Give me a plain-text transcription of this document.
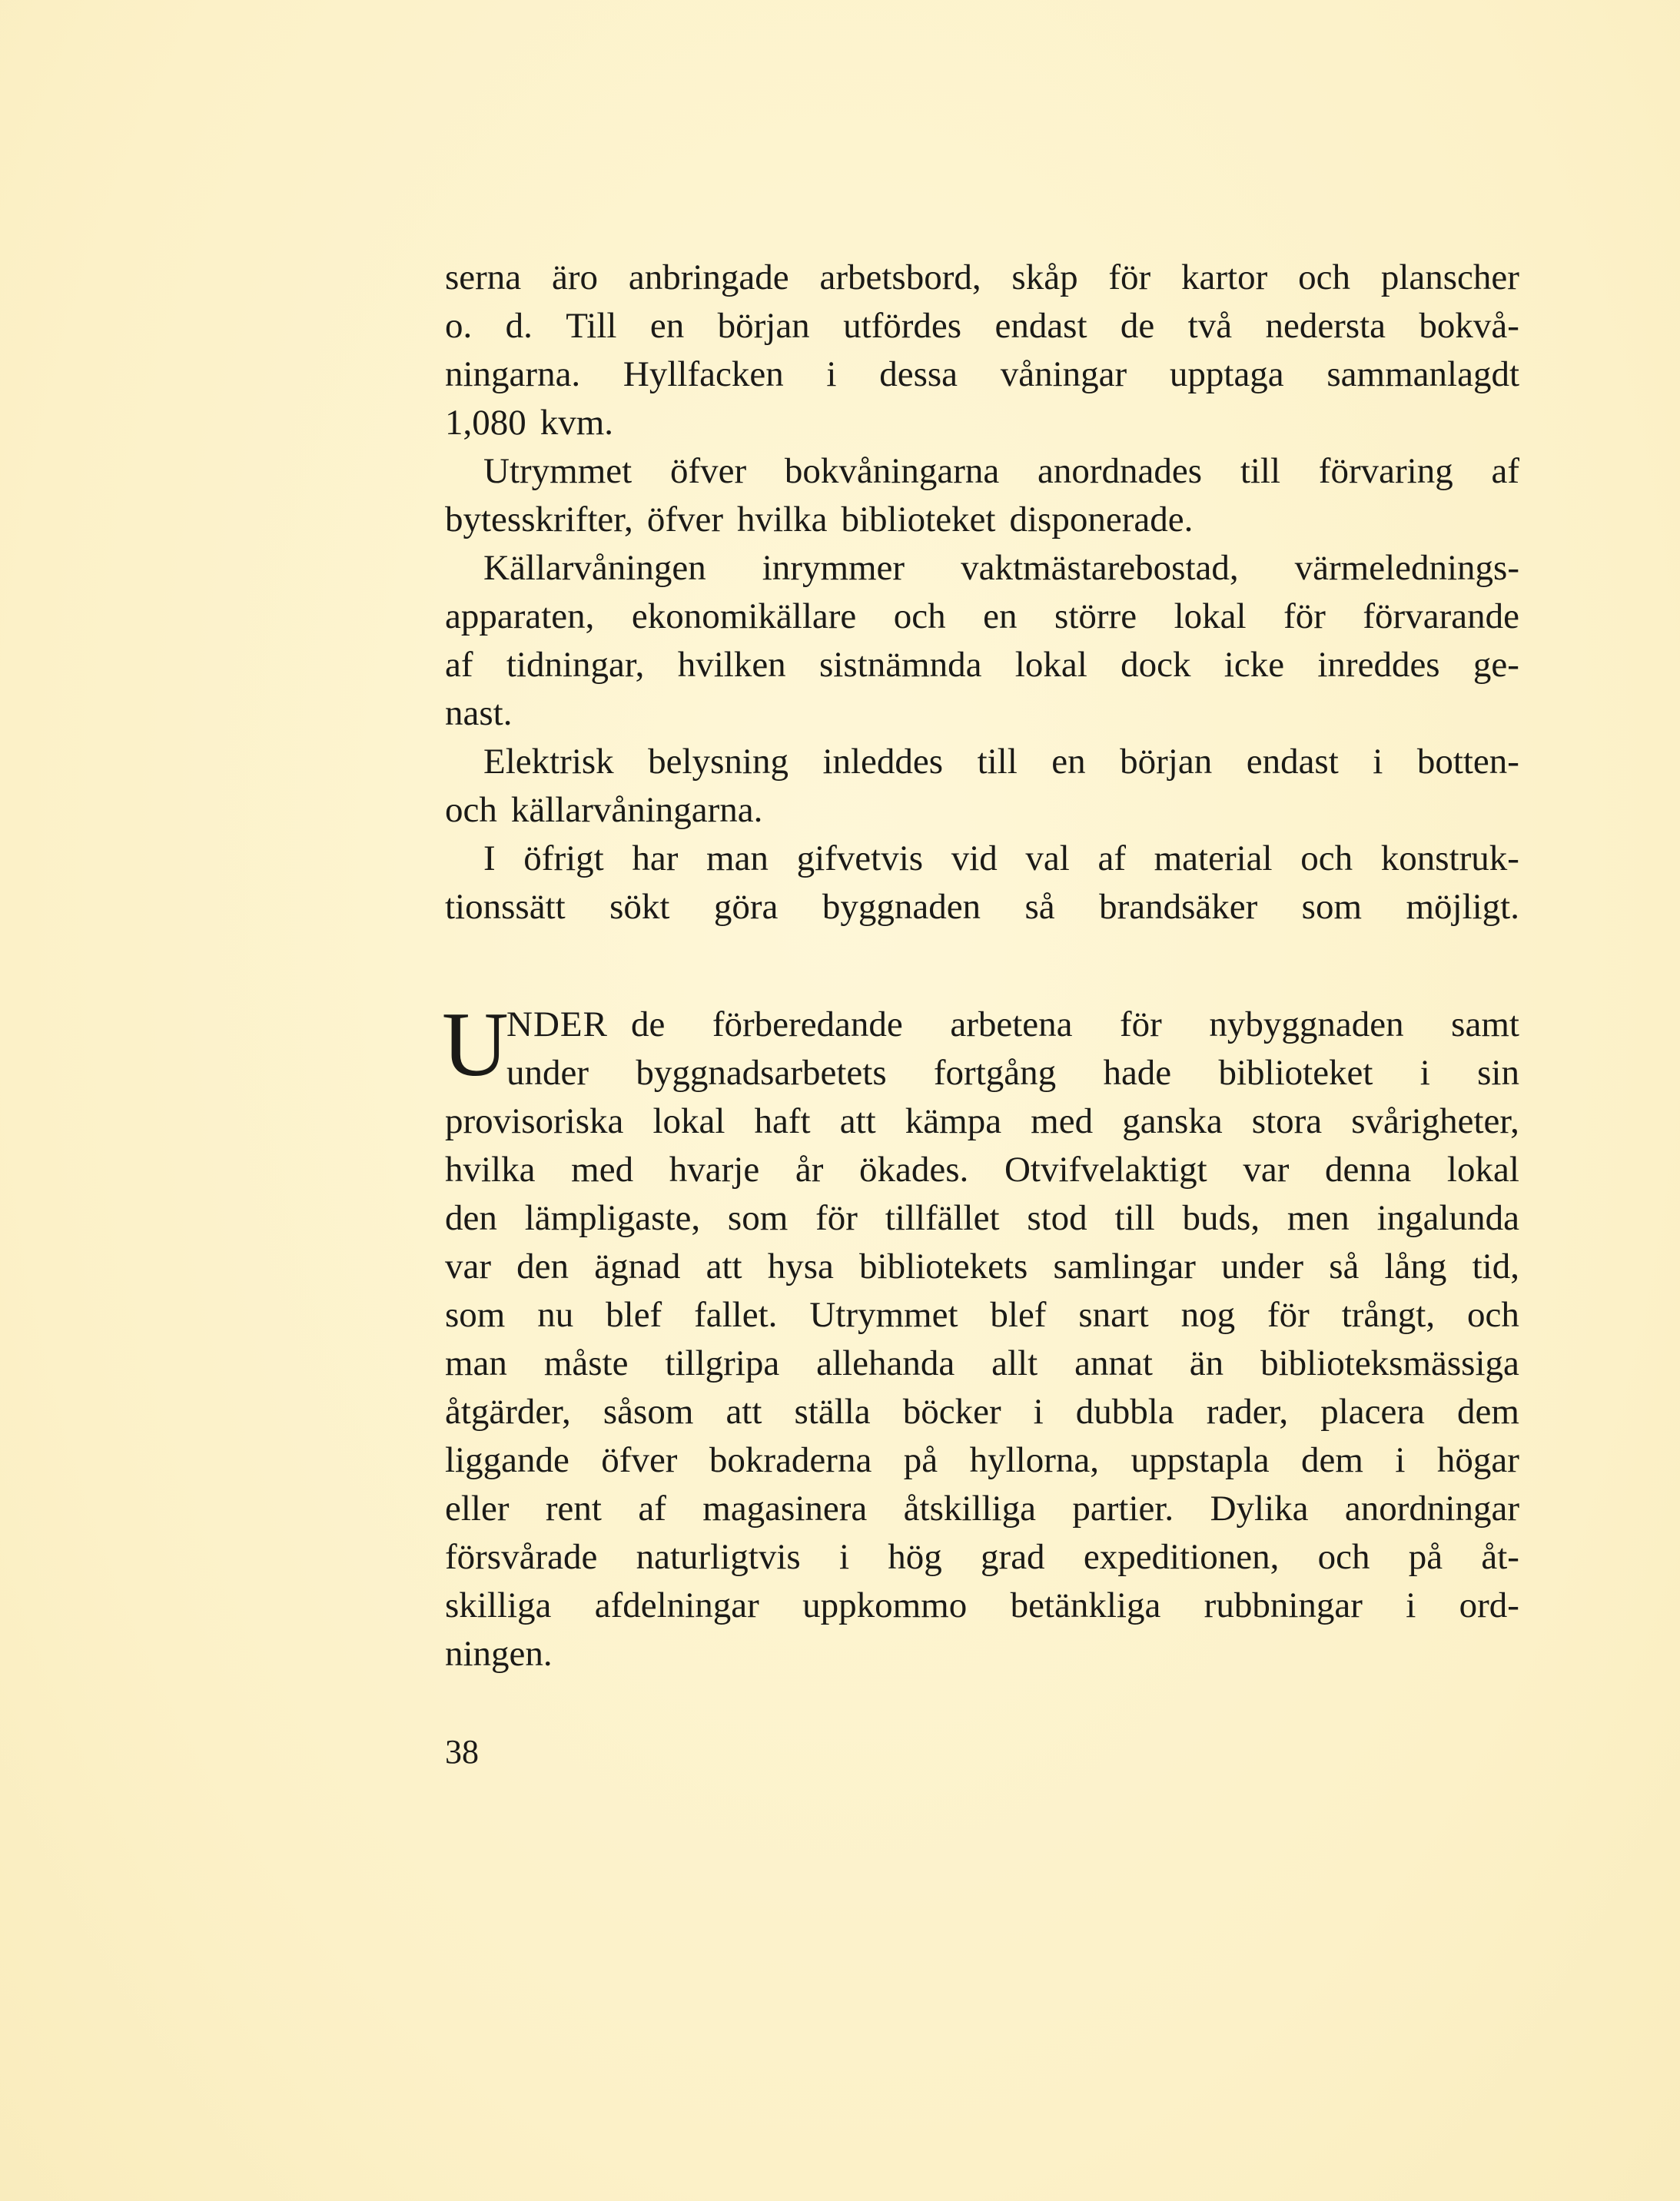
serna äro anbringade arbetsbord, skåp för kartor och planscher
o. d. Till en början utfördes endast de två nedersta bokvå-
ningarna. Hyllfacken i dessa våningar upptaga sammanlagdt
1,080 kvm.
Utrymmet öfver bokvåningarna anordnades till förvaring af
bytesskrifter, öfver hvilka biblioteket disponerade.
Källarvåningen inrymmer vaktmästarebostad, värmelednings-
apparaten, ekonomikällare och en större lokal för förvarande
af tidningar, hvilken sistnämnda lokal dock icke inreddes ge-
nast.
Elektrisk belysning inleddes till en början endast i botten-
och källarvåningarna.
I öfrigt har man gifvetvis vid val af material och konstruk-
tionssätt sökt göra byggnaden så brandsäker som möjligt.
U
NDER de förberedande arbetena för nybyggnaden samt
under byggnadsarbetets fortgång hade biblioteket i sin
provisoriska lokal haft att kämpa med ganska stora svårigheter,
hvilka med hvarje år ökades. Otvifvelaktigt var denna lokal
den lämpligaste, som för tillfället stod till buds, men ingalunda
var den ägnad att hysa bibliotekets samlingar under så lång tid,
som nu blef fallet. Utrymmet blef snart nog för trångt, och
man måste tillgripa allehanda allt annat än biblioteksmässiga
åtgärder, såsom att ställa böcker i dubbla rader, placera dem
liggande öfver bokraderna på hyllorna, uppstapla dem i högar
eller rent af magasinera åtskilliga partier. Dylika anordningar
försvårade naturligtvis i hög grad expeditionen, och på åt-
skilliga afdelningar uppkommo betänkliga rubbningar i ord-
ningen.
38
